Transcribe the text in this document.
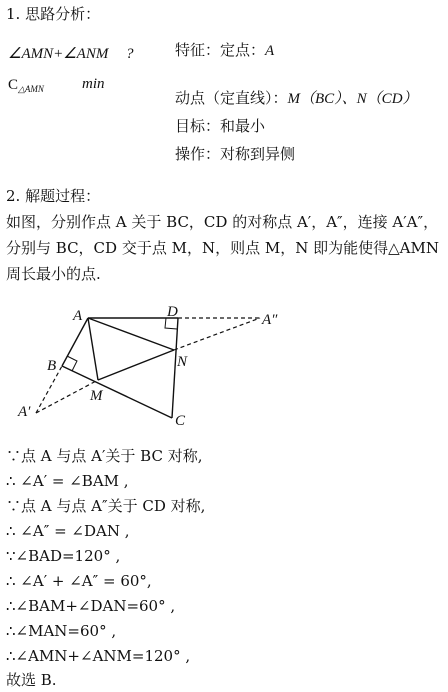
1. 思路分析：
∠AMN+∠ANM ?
$C_{\triangle AMN}$	min
特征：定点：A
动点（定直线）：M（BC）、N（CD）
目标：和最小
操作：对称到异侧
2. 解题过程：
如图，分别作点 A 关于 BC，CD 的对称点 A′，A″，连接 A′A″，
分别与 BC，CD 交于点 M，N，则点 M，N 即为能使得△AMN
周长最小的点.
A	D	A″
B	N
M
A′
C
∵点 A 与点 A′关于 BC 对称,
∴ ∠A′ = ∠BAM ,
∵点 A 与点 A″关于 CD 对称,
∴ ∠A″ = ∠DAN ,
∵∠BAD=120° ,
∴ ∠A′ + ∠A″ = 60°,
∴∠BAM+∠DAN=60° ,
∴∠MAN=60° ,
∴∠AMN+∠ANM=120° ,
故选 B.
